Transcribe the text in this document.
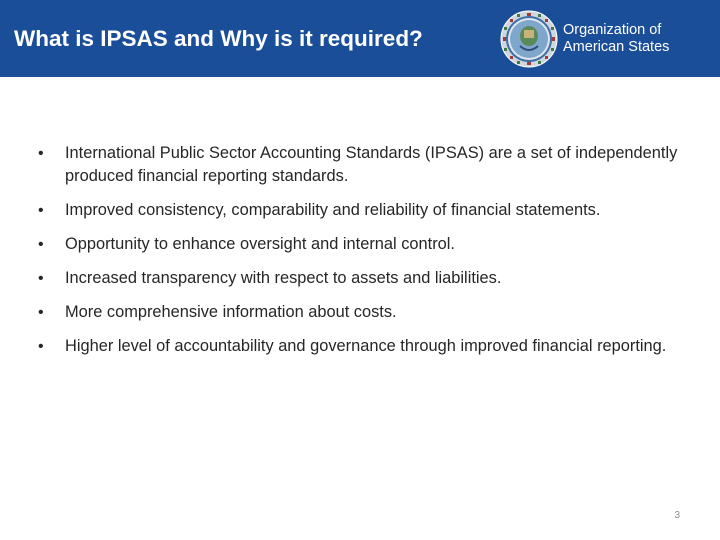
What is IPSAS and Why is it required?	Organization of
American States
• International Public Sector Accounting Standards (IPSAS) are a set of independently produced financial reporting standards.
• Improved consistency, comparability and reliability of financial statements.
• Opportunity to enhance oversight and internal control.
• Increased transparency with respect to assets and liabilities.
• More comprehensive information about costs.
• Higher level of accountability and governance through improved financial reporting.
3
